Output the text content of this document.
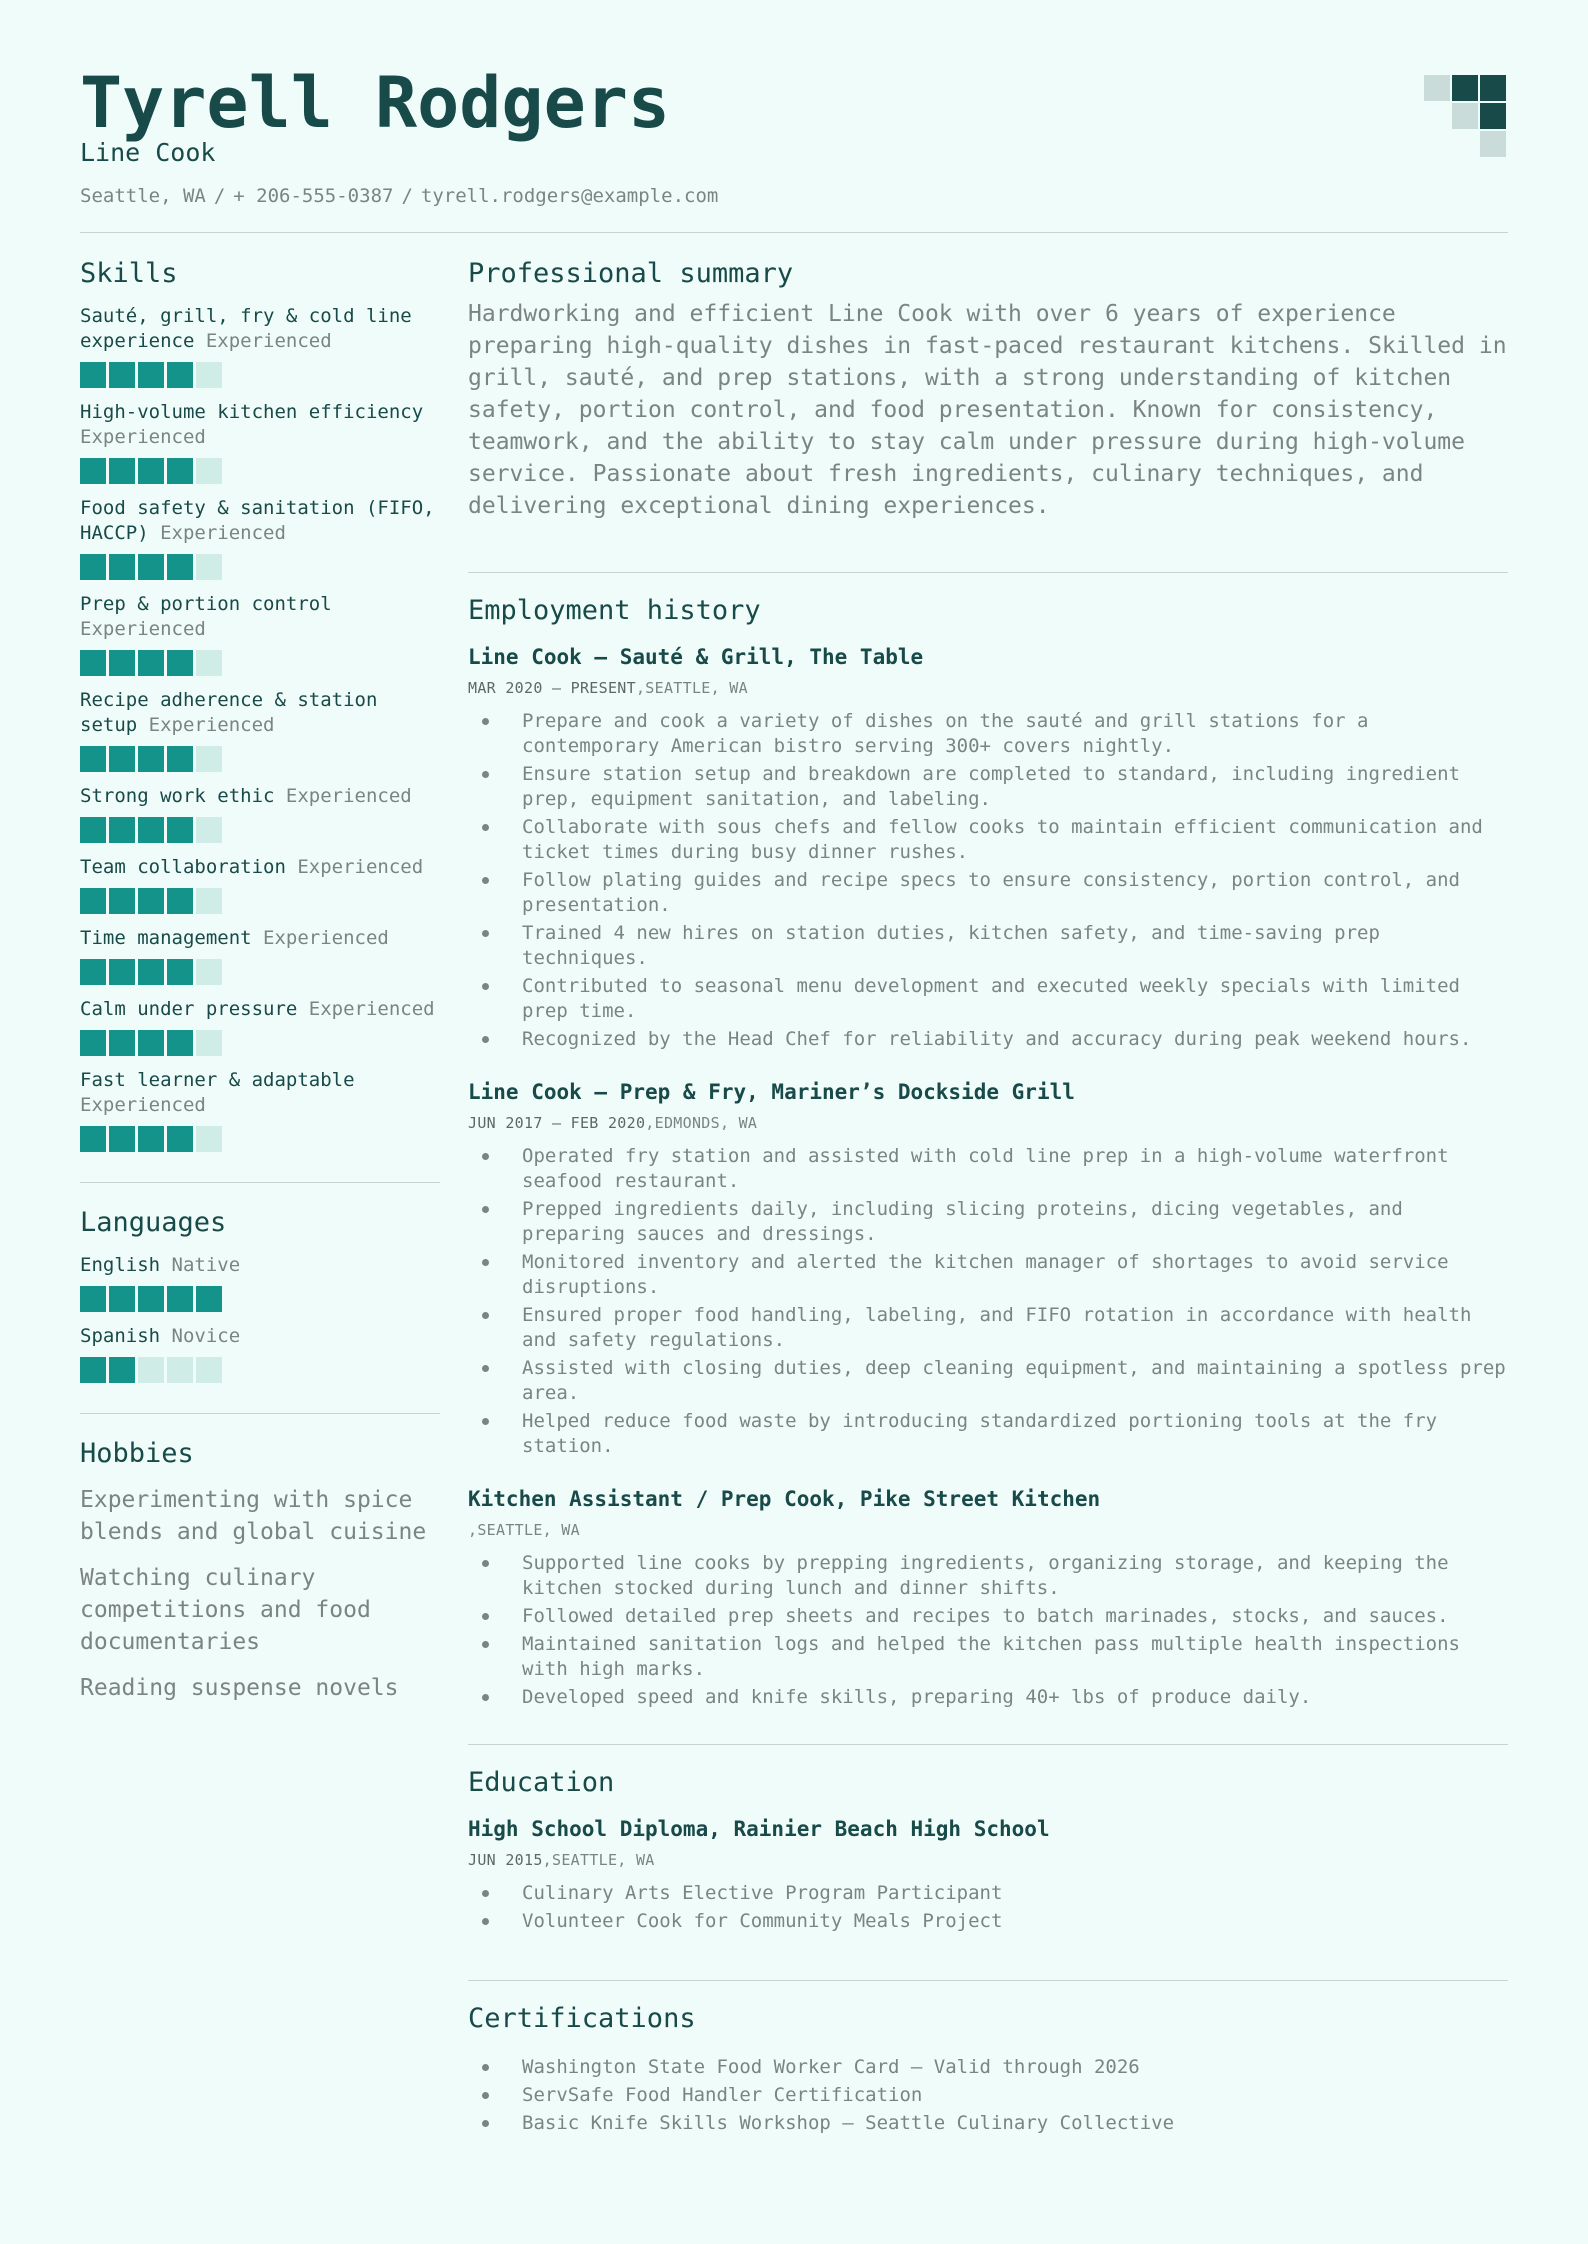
Tyrell Rodgers
Line Cook
Seattle, WA / + 206-555-0387 / tyrell.rodgers@example.com
Skills
Sauté, grill, fry & cold line experience Experienced
High-volume kitchen efficiency Experienced
Food safety & sanitation (FIFO, HACCP) Experienced
Prep & portion control Experienced
Recipe adherence & station setup Experienced
Strong work ethic Experienced
Team collaboration Experienced
Time management Experienced
Calm under pressure Experienced
Fast learner & adaptable Experienced
Languages
English Native
Spanish Novice
Hobbies
Experimenting with spice blends and global cuisine
Watching culinary competitions and food documentaries
Reading suspense novels
Professional summary
Hardworking and efficient Line Cook with over 6 years of experience preparing high-quality dishes in fast-paced restaurant kitchens. Skilled in grill, sauté, and prep stations, with a strong understanding of kitchen safety, portion control, and food presentation. Known for consistency, teamwork, and the ability to stay calm under pressure during high-volume service. Passionate about fresh ingredients, culinary techniques, and delivering exceptional dining experiences.
Employment history
Line Cook – Sauté & Grill, The Table
MAR 2020 – PRESENT,SEATTLE, WA
Prepare and cook a variety of dishes on the sauté and grill stations for a contemporary American bistro serving 300+ covers nightly.
Ensure station setup and breakdown are completed to standard, including ingredient prep, equipment sanitation, and labeling.
Collaborate with sous chefs and fellow cooks to maintain efficient communication and ticket times during busy dinner rushes.
Follow plating guides and recipe specs to ensure consistency, portion control, and presentation.
Trained 4 new hires on station duties, kitchen safety, and time-saving prep techniques.
Contributed to seasonal menu development and executed weekly specials with limited prep time.
Recognized by the Head Chef for reliability and accuracy during peak weekend hours.
Line Cook – Prep & Fry, Mariner’s Dockside Grill
JUN 2017 – FEB 2020,EDMONDS, WA
Operated fry station and assisted with cold line prep in a high-volume waterfront seafood restaurant.
Prepped ingredients daily, including slicing proteins, dicing vegetables, and preparing sauces and dressings.
Monitored inventory and alerted the kitchen manager of shortages to avoid service disruptions.
Ensured proper food handling, labeling, and FIFO rotation in accordance with health and safety regulations.
Assisted with closing duties, deep cleaning equipment, and maintaining a spotless prep area.
Helped reduce food waste by introducing standardized portioning tools at the fry station.
Kitchen Assistant / Prep Cook, Pike Street Kitchen
,SEATTLE, WA
Supported line cooks by prepping ingredients, organizing storage, and keeping the kitchen stocked during lunch and dinner shifts.
Followed detailed prep sheets and recipes to batch marinades, stocks, and sauces.
Maintained sanitation logs and helped the kitchen pass multiple health inspections with high marks.
Developed speed and knife skills, preparing 40+ lbs of produce daily.
Education
High School Diploma, Rainier Beach High School
JUN 2015,SEATTLE, WA
Culinary Arts Elective Program Participant
Volunteer Cook for Community Meals Project
Certifications
Washington State Food Worker Card – Valid through 2026
ServSafe Food Handler Certification
Basic Knife Skills Workshop – Seattle Culinary Collective
